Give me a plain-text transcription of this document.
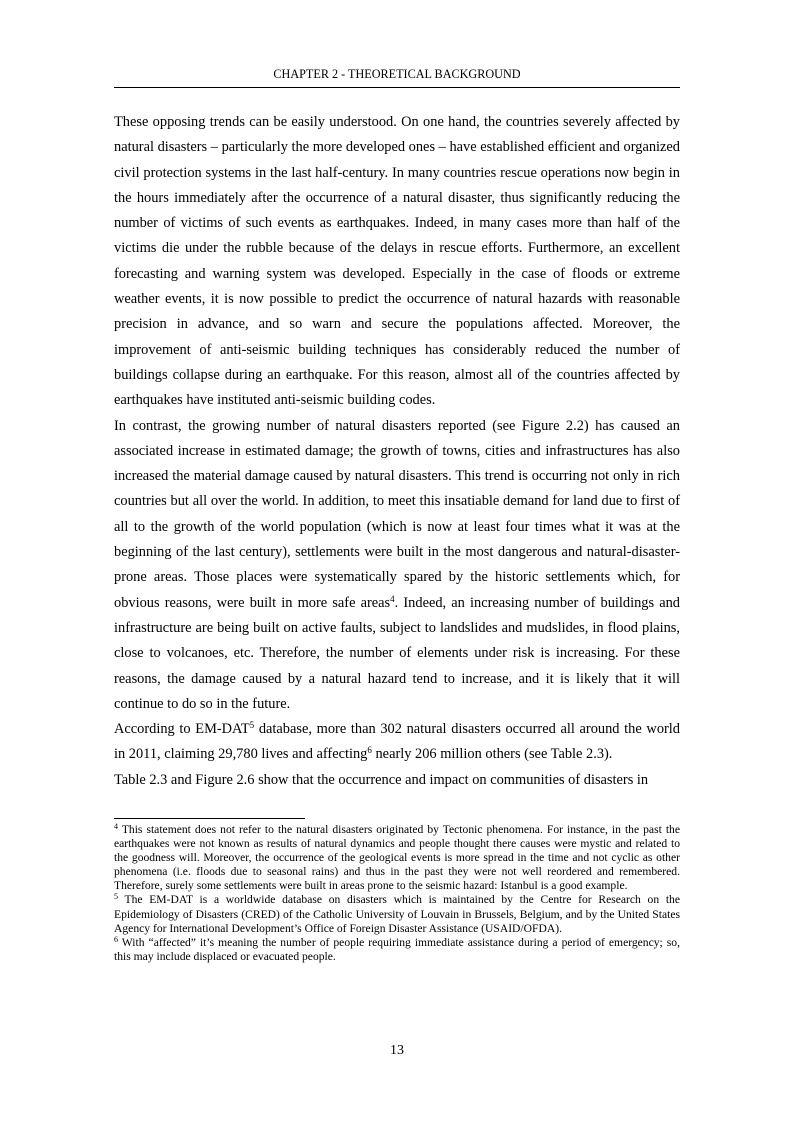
CHAPTER 2 - THEORETICAL BACKGROUND

These opposing trends can be easily understood. On one hand, the countries severely affected by natural disasters – particularly the more developed ones – have established efficient and organized civil protection systems in the last half-century. In many countries rescue operations now begin in the hours immediately after the occurrence of a natural disaster, thus significantly reducing the number of victims of such events as earthquakes. Indeed, in many cases more than half of the victims die under the rubble because of the delays in rescue efforts. Furthermore, an excellent forecasting and warning system was developed. Especially in the case of floods or extreme weather events, it is now possible to predict the occurrence of natural hazards with reasonable precision in advance, and so warn and secure the populations affected. Moreover, the improvement of anti-seismic building techniques has considerably reduced the number of buildings collapse during an earthquake. For this reason, almost all of the countries affected by earthquakes have instituted anti-seismic building codes.

In contrast, the growing number of natural disasters reported (see Figure 2.2) has caused an associated increase in estimated damage; the growth of towns, cities and infrastructures has also increased the material damage caused by natural disasters. This trend is occurring not only in rich countries but all over the world. In addition, to meet this insatiable demand for land due to first of all to the growth of the world population (which is now at least four times what it was at the beginning of the last century), settlements were built in the most dangerous and natural-disaster-prone areas. Those places were systematically spared by the historic settlements which, for obvious reasons, were built in more safe areas$^4$. Indeed, an increasing number of buildings and infrastructure are being built on active faults, subject to landslides and mudslides, in flood plains, close to volcanoes, etc. Therefore, the number of elements under risk is increasing. For these reasons, the damage caused by a natural hazard tend to increase, and it is likely that it will continue to do so in the future.

According to EM-DAT$^5$ database, more than 302 natural disasters occurred all around the world in 2011, claiming 29,780 lives and affecting$^6$ nearly 206 million others (see Table 2.3).

Table 2.3 and Figure 2.6 show that the occurrence and impact on communities of disasters in

$^4$ This statement does not refer to the natural disasters originated by Tectonic phenomena. For instance, in the past the earthquakes were not known as results of natural dynamics and people thought there causes were mystic and related to the goodness will. Moreover, the occurrence of the geological events is more spread in the time and not cyclic as other phenomena (i.e. floods due to seasonal rains) and thus in the past they were not well reordered and remembered. Therefore, surely some settlements were built in areas prone to the seismic hazard: Istanbul is a good example.

$^5$ The EM-DAT is a worldwide database on disasters which is maintained by the Centre for Research on the Epidemiology of Disasters (CRED) of the Catholic University of Louvain in Brussels, Belgium, and by the United States Agency for International Development’s Office of Foreign Disaster Assistance (USAID/OFDA).

$^6$ With “affected” it’s meaning the number of people requiring immediate assistance during a period of emergency; so, this may include displaced or evacuated people.

13
